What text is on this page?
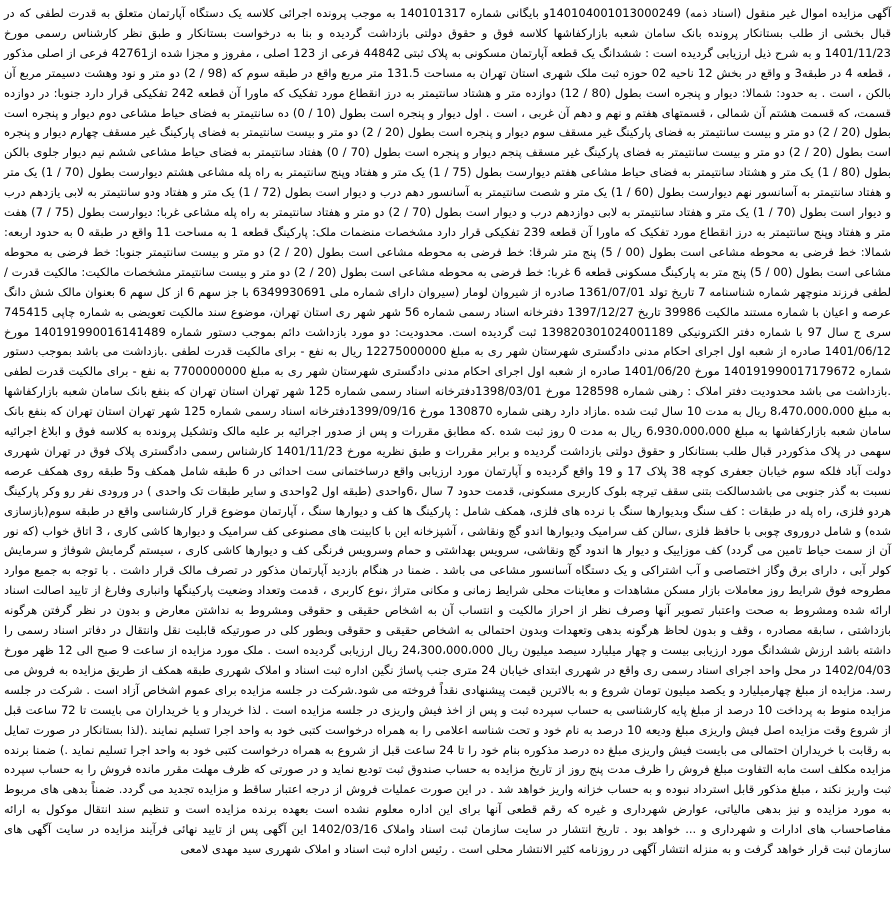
آگهی مزایده اموال غیر منقول (اسناد ذمه) 140104001013000249و بایگانی شماره 140101317 به موجب پرونده اجرائی کلاسه یک دستگاه آپارتمان متعلق به قدرت لطفی که در قبال بخشی از طلب بستانکار پرونده بانک سامان شعبه بازارکفاشها کلاسه فوق و حقوق دولتی بازداشت گردیده و بنا به درخواست بستانکار و طبق نظر کارشناس رسمی مورخ 1401/11/23 و به شرح ذیل ارزیابی گردیده است : ششدانگ یک قطعه آپارتمان مسکونی به پلاک ثبتی 44842 فرعی از 123 اصلی ، مفروز و مجزا شده از42761 فرعی از اصلی مذکور ، قطعه 4 در طبقه3 و واقع در بخش 12 ناحیه 02 حوزه ثبت ملک شهری استان تهران به مساحت 131.5 متر مربع واقع در طبقه سوم که (98 / 2) دو متر و نود وهشت دسیمتر مربع آن بالکن ، است . به حدود: شمالا: دیوار و پنجره است بطول (80 / 12) دوازده متر و هشتاد سانتیمتر به درز انقطاع مورد تفکیک که ماورا آن قطعه 242 تفکیکی قرار دارد جنوبا: در دوازده قسمت، که قسمت هشتم آن شمالی ، قسمتهای هفتم و نهم و دهم آن غربی ، است . اول دیوار و پنجره است بطول (10 / 0) ده سانتیمتر به فضای حیاط مشاعی دوم دیوار و پنجره است بطول (20 / 2) دو متر و بیست سانتیمتر به فضای پارکینگ غیر مسقف سوم دیوار و پنجره است بطول (20 / 2) دو متر و بیست سانتیمتر به فضای پارکینگ غیر مسقف چهارم دیوار و پنجره است بطول (20 / 2) دو متر و بیست سانتیمتر به فضای پارکینگ غیر مسقف پنجم دیوار و پنجره است بطول (70 / 0) هفتاد سانتیمتر به فضای حیاط مشاعی ششم نیم دیوار جلوی بالکن بطول (80 / 1) یک متر و هشتاد سانتیمتر به فضای حیاط مشاعی هفتم دیوارست بطول (75 / 1) یک متر و هفتاد وپنج سانتیمتر به راه پله مشاعی هشتم دیوارست بطول (70 / 1) یک متر و هفتاد سانتیمتر به آسانسور نهم دیوارست بطول (60 / 1) یک متر و شصت سانتیمتر به آسانسور دهم درب و دیوار است بطول (72 / 1) یک متر و هفتاد ودو سانتیمتر به لابی یازدهم درب و دیوار است بطول (70 / 1) یک متر و هفتاد سانتیمتر به لابی دوازدهم درب و دیوار است بطول (70 / 2) دو متر و هفتاد سانتیمتر به راه پله مشاعی غربا: دیوارست بطول (75 / 7) هفت متر و هفتاد وپنج سانتیمتر به درز انقطاع مورد تفکیک که ماورا آن قطعه 239 تفکیکی قرار دارد مشخصات منضمات ملک: پارکینگ قطعه 1 به مساحت 11 واقع در طبقه 0 به حدود اربعه: شمالا: خط فرضی به محوطه مشاعی است بطول (00 / 5) پنج متر شرقا: خط فرضی به محوطه مشاعی است بطول (20 / 2) دو متر و بیست سانتیمتر جنوبا: خط فرضی به محوطه مشاعی است بطول (00 / 5) پنج متر به پارکینگ مسکونی قطعه 6 غربا: خط فرضی به محوطه مشاعی است بطول (20 / 2) دو متر و بیست سانتیمتر مشخصات مالکیت: مالکیت قدرت / لطفی فرزند منوچهر شماره شناسنامه 7 تاریخ تولد 1361/07/01 صادره از شیروان لومار (سیروان دارای شماره ملی 6349930691 با جز سهم 6 از کل سهم 6 بعنوان مالک شش دانگ عرصه و اعیان با شماره مستند مالکیت 39986 تاریخ 1397/12/27 دفترخانه اسناد رسمی شماره 56 شهر شهر ری استان تهران، موضوع سند مالکیت تعویضی به شماره چاپی 745415 سری ج سال 97 با شماره دفتر الکترونیکی 139820301024001189 ثبت گردیده است. محدودیت: دو مورد بازداشت دائم بموجب دستور شماره 140191990016141489 مورخ 1401/06/12 صادره از شعبه اول اجرای احکام مدنی دادگستری شهرستان شهر ری به مبلغ 12275000000 ریال به نفع - برای مالکیت قدرت لطفی .بازداشت می باشد بموجب دستور شماره 140191990017179672 مورخ 1401/06/20 صادره از شعبه اول اجرای احکام مدنی دادگستری شهرستان شهر ری به مبلغ 7700000000 به نفع - برای مالکیت قدرت لطفی .بازداشت می باشد محدودیت دفتر املاک : رهنی شماره 128598 مورخ 1398/03/01دفترخانه اسناد رسمی شماره 125 شهر تهران استان تهران که بنفع بانک سامان شعبه بازارکفاشها به مبلغ 8،470،000،000 ریال به مدت 10 سال ثبت شده .مازاد دارد رهنی شماره 130870 مورخ 1399/09/16دفترخانه اسناد رسمی شماره 125 شهر تهران استان تهران که بنفع بانک سامان شعبه بازارکفاشها به مبلغ 6،930،000،000 ریال به مدت 0 روز ثبت شده .که مطابق مقررات و پس از صدور اجرائیه بر علیه مالک وتشکیل پرونده به کلاسه فوق و ابلاغ اجرائیه سهمی در پلاک مذکوردر قبال طلب بستانکار و حقوق دولتی بازداشت گردیده و برابر مقررات و طبق نظریه مورخ 1401/11/23 کارشناس رسمی دادگستری پلاک فوق در تهران شهرری دولت آباد فلکه سوم خیابان جعفری کوچه 38 پلاک 17 و 19 واقع گردیده و آپارتمان مورد ارزیابی واقع درساختمانی ست احداثی در 6 طبقه شامل همکف و5 طبقه روی همکف عرصه نسبت به گذر جنوبی می باشدسالکت بتنی سقف تیرچه بلوک کاربری مسکونی، قدمت حدود 7 سال ،6واحدی (طبقه اول 2واحدی و سایر طبقات تک واحدی ) در ورودی نفر رو وکر پارکینگ هردو فلزی، راه پله در طبقات : کف سنگ وبدیوارها سنگ با نرده های فلزی، همکف شامل : پارکینگ ها کف و دیوارها سنگ ، آپارتمان موضوع قرار کارشناسی واقع در طبقه سوم(بازسازی شده) و شامل دروروی چوبی با حافظ فلزی ،سالن کف سرامیک ودیوارها اندو گچ ونقاشی ، آشپزخانه این با کابینت های مصنوعی کف سرامیک و دیوارها کاشی کاری ، 3 اتاق خواب (که نور آن از سمت حیاط تامین می گردد) کف موزاییک و دیوار ها اندود گچ ونقاشی، سرویس بهداشتی و حمام وسرویس فرنگی کف و دیوارها کاشی کاری ، سیستم گرمایش شوفاژ و سرمایش کولر آبی ، دارای برق وگاز اختصاصی و آب اشتراکی و یک دستگاه آسانسور مشاعی می باشد . ضمنا در هنگام بازدید آپارتمان مذکور در تصرف مالک قرار داشت . با توجه به جمیع موارد مطروحه فوق شرایط روز معاملات بازار مسکن مشاهدات و معاینات محلی شرایط زمانی و مکانی متراژ ،نوع کاربری ، قدمت وتعداد وضعیت پارکینگها وانباری وفارغ از تایید اصالت اسناد ارائه شده ومشروط به صحت واعتبار تصویر آنها وصرف نظر از احراز مالکیت و انتساب آن به اشخاص حقیقی و حقوقی ومشروط به نداشتن معارض و بدون در نظر گرفتن هرگونه بازداشتی ، سابقه مصادره ، وقف و بدون لحاظ هرگونه بدهی وتعهدات وبدون احتمالی به اشخاص حقیقی و حقوقی وبطور کلی در صورتیکه قابلیت نقل وانتقال در دفاتر اسناد رسمی را داشته باشد ارزش ششدانگ مورد ارزیابی بیست و چهار میلیارد سیصد میلیون ریال 24،300،000،000 ریال ارزیابی گردیده است . ملک مورد مزایده از ساعت 9 صبح الی 12 ظهر مورخ 1402/04/03 در محل واحد اجرای اسناد رسمی ری واقع در شهرری ابتدای خیابان 24 متری جنب پاساژ نگین اداره ثبت اسناد و املاک شهرری طبقه همکف از طریق مزایده به فروش می رسد. مزایده از مبلغ چهارمیلیارد و یکصد میلیون تومان شروع و به بالاترین قیمت پیشنهادی نقداً فروخته می شود.شرکت در جلسه مزایده برای عموم اشخاص آزاد است . شرکت در جلسه مزایده منوط به پرداخت 10 درصد از مبلغ پایه کارشناسی به حساب سپرده ثبت و پس از اخذ فیش واریزی در جلسه مزایده است . لذا خریدار و یا خریداران می بایست تا 72 ساعت قبل از شروع وقت مزایده اصل فیش واریزی مبلغ ودیعه 10 درصد به نام خود و تحت شناسه اعلامی را به همراه درخواست کتبی خود به واحد اجرا تسلیم نمایند .(لذا بستانکار در صورت تمایل به رقابت با خریداران احتمالی می بایست فیش واریزی مبلغ ده درصد مذکوره بنام خود را تا 24 ساعت قبل از شروع به همراه درخواست کتبی خود به واحد اجرا تسلیم نماید .) ضمنا برنده مزایده مکلف است مابه التفاوت مبلغ فروش را ظرف مدت پنج روز از تاریخ مزایده به حساب صندوق ثبت تودیع نماید و در صورتی که ظرف مهلت مقرر مانده فروش را به حساب سپرده ثبت واریز نکند ، مبلغ مذکور قابل استرداد نبوده و به حساب خزانه واریز خواهد شد . در این صورت عملیات فروش از درجه اعتبار ساقط و مزایده تجدید می گردد. ضمناً بدهی های مربوط به مورد مزایده و نیز بدهی مالیاتی، عوارض شهرداری و غیره که رقم قطعی آنها برای این اداره معلوم نشده است بعهده برنده مزایده است و تنظیم سند انتقال موکول به ارائه مفاصاحساب های ادارات و شهرداری و ... خواهد بود . تاریخ انتشار در سایت سازمان ثبت اسناد واملاک 1402/03/16 این آگهی پس از تایید نهائی فرآیند مزایده در سایت آگهی های سازمان ثبت قرار خواهد گرفت و به منزله انتشار آگهی در روزنامه کثیر الانتشار محلی است . رئیس اداره ثبت اسناد و املاک شهرری سید مهدی لامعی
